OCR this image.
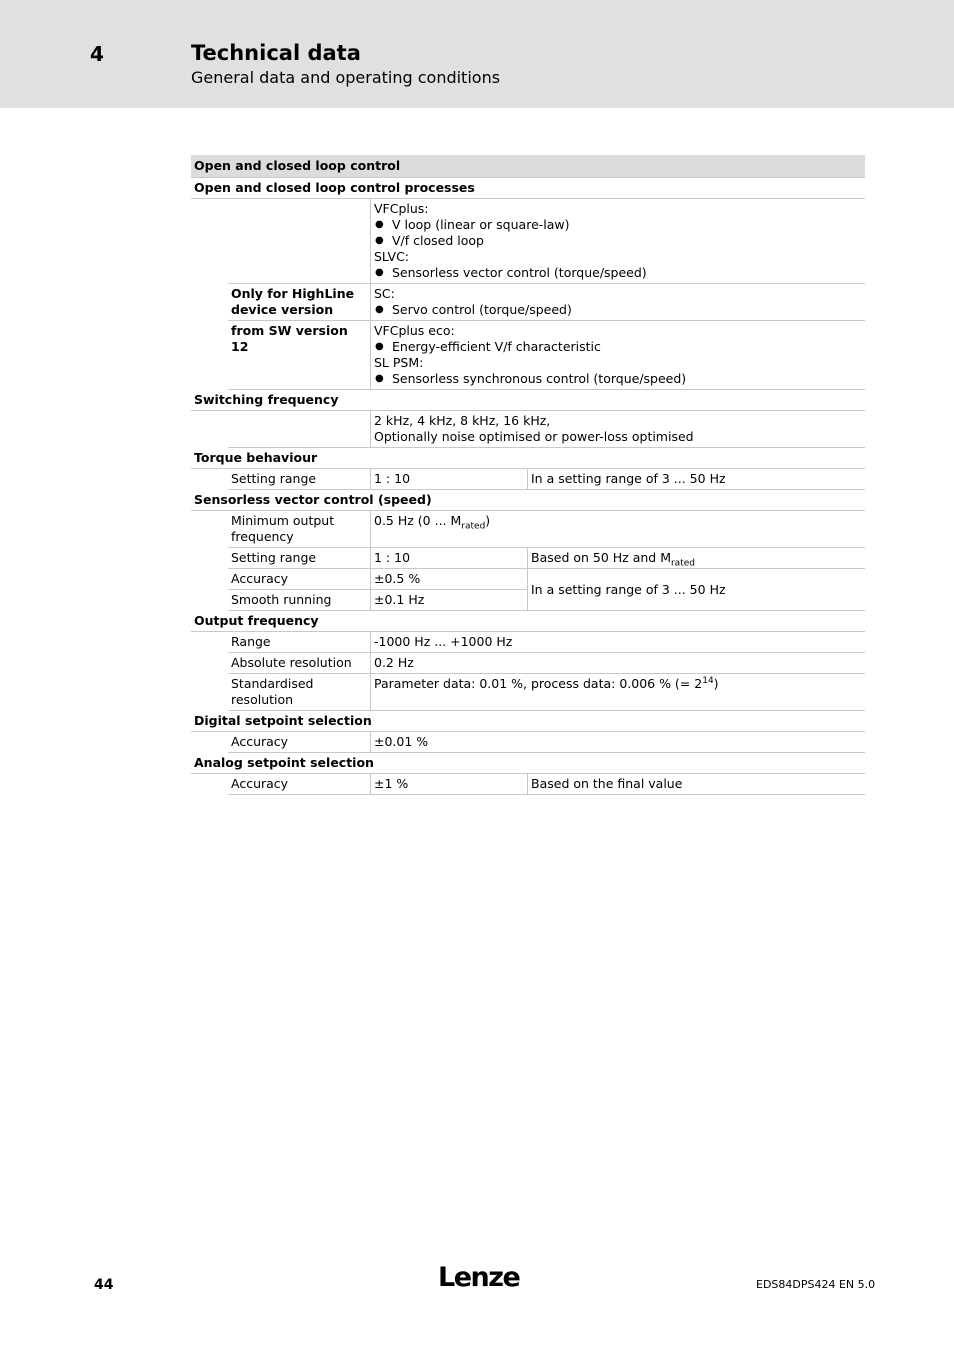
4	Technical data
General data and operating conditions
Open and closed loop control			
Open and closed loop control processes			
		VFCplus:

● V loop (linear or square-law)
● V/f closed loop
SLVC:

● Sensorless vector control (torque/speed)

	Only for HighLine device version	SC:

● Servo control (torque/speed)

	from SW version 12	VFCplus eco:

● Energy-efficient V/f characteristic
SL PSM:

● Sensorless synchronous control (torque/speed)

Switching frequency			
		2 kHz, 4 kHz, 8 kHz, 16 kHz,
Optionally noise optimised or power-loss optimised	
Torque behaviour			
	Setting range	1 : 10	In a setting range of 3 ... 50 Hz
Sensorless vector control (speed)			
	Minimum output frequency	0.5 Hz (0 ... $M_{rated}$)	
	Setting range	1 : 10	Based on 50 Hz and $M_{rated}$
	Accuracy	±0.5 %	In a setting range of 3 ... 50 Hz
	Smooth running	±0.1 Hz	
Output frequency			
	Range	-1000 Hz ... +1000 Hz	
	Absolute resolution	0.2 Hz	
	Standardised resolution	Parameter data: 0.01 %, process data: 0.006 % (= $2^{14}$)	
Digital setpoint selection			
	Accuracy	±0.01 %	
Analog setpoint selection			
	Accuracy	±1 %	Based on the final value
44	Lenze	EDS84DPS424 EN 5.0
